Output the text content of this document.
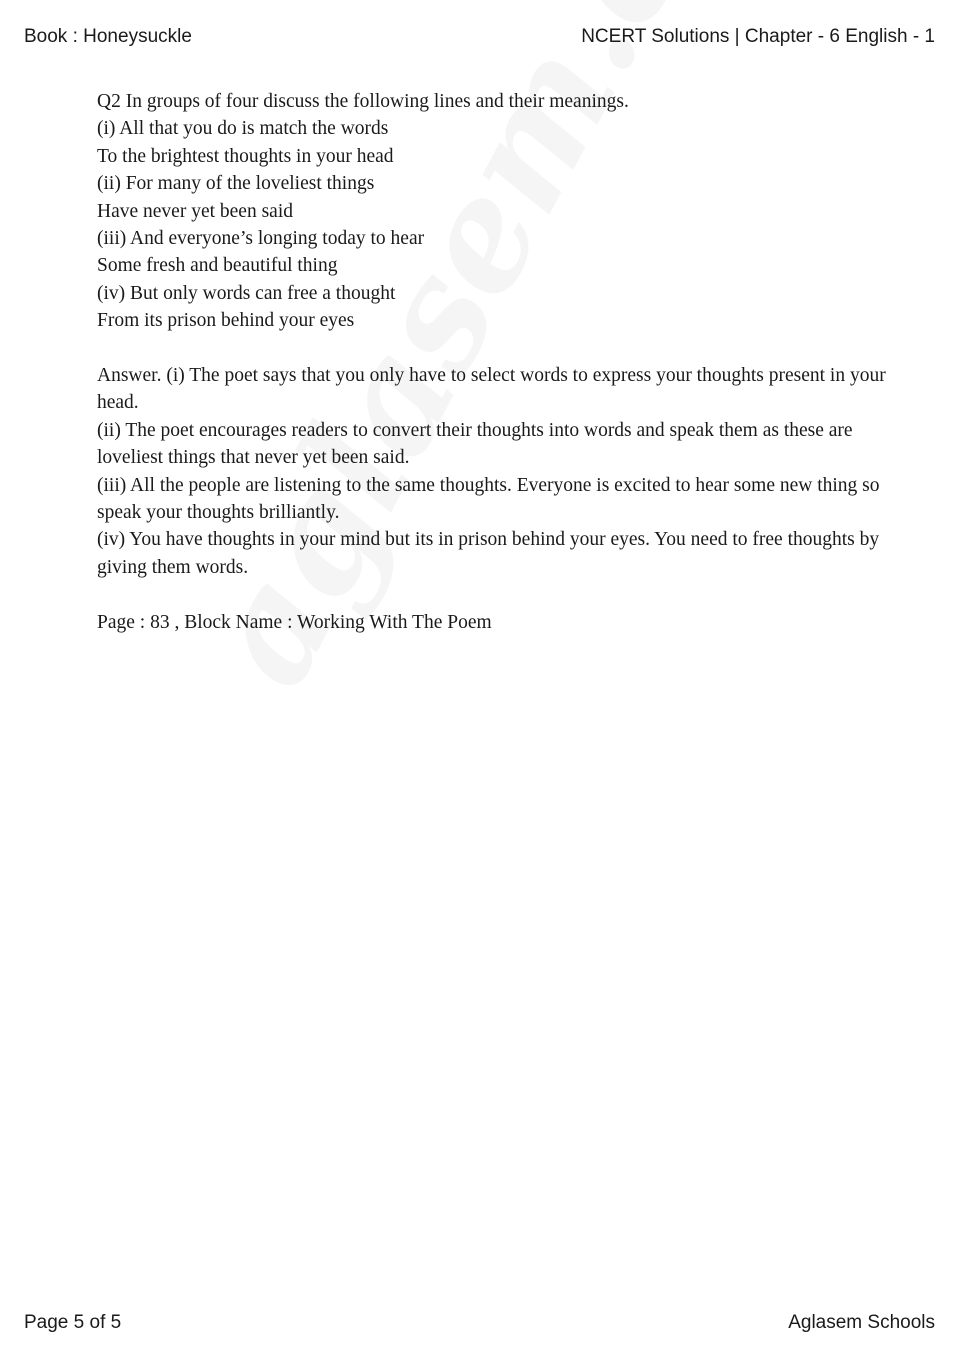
Book : Honeysuckle	NCERT Solutions | Chapter - 6 English - 1
Q2 In groups of four discuss the following lines and their meanings.
(i) All that you do is match the words
To the brightest thoughts in your head
(ii) For many of the loveliest things
Have never yet been said
(iii) And everyone’s longing today to hear
Some fresh and beautiful thing
(iv) But only words can free a thought
From its prison behind your eyes
Answer. (i) The poet says that you only have to select words to express your thoughts present in your head.
(ii) The poet encourages readers to convert their thoughts into words and speak them as these are loveliest things that never yet been said.
(iii) All the people are listening to the same thoughts. Everyone is excited to hear some new thing so speak your thoughts brilliantly.
(iv) You have thoughts in your mind but its in prison behind your eyes. You need to free thoughts by giving them words.
Page : 83 , Block Name : Working With The Poem
Page 5 of 5	Aglasem Schools
